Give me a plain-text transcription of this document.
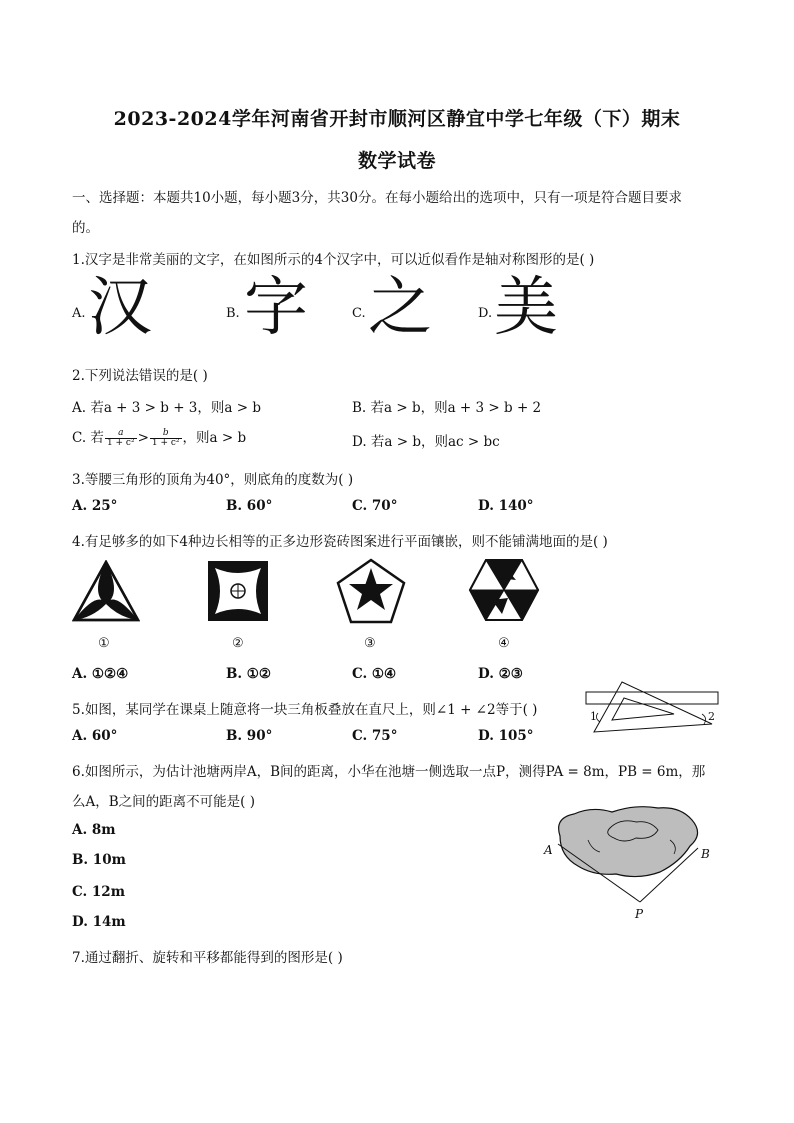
2023-2024学年河南省开封市顺河区静宜中学七年级（下）期末
数学试卷
一、选择题：本题共10小题，每小题3分，共30分。在每小题给出的选项中，只有一项是符合题目要求
的。
1.汉字是非常美丽的文字，在如图所示的4个汉字中，可以近似看作是轴对称图形的是( )
A. 汉	B. 字	C. 之	D. 美
2.下列说法错误的是( )
A. 若a + 3 > b + 3，则a > b	B. 若a > b，则a + 3 > b + 2
C. 若 $\frac{a}{\text{1 + c²}} > \frac{b}{\text{1 + c²}}$ ，则a > b	D. 若a > b，则ac > bc
3.等腰三角形的顶角为40°，则底角的度数为( )
A. 25°	B. 60°	C. 70°	D. 140°
4.有足够多的如下4种边长相等的正多边形瓷砖图案进行平面镶嵌，则不能铺满地面的是( )
①	②	③	④
A. ①②④	B. ①②	C. ①④	D. ②③
5.如图，某同学在课桌上随意将一块三角板叠放在直尺上，则∠1 + ∠2等于( )
A. 60°	B. 90°	C. 75°	D. 105°
1	2
6.如图所示，为估计池塘两岸A，B间的距离，小华在池塘一侧选取一点P，测得PA = 8m，PB = 6m，那
么A，B之间的距离不可能是( )
A. 8m
B. 10m
C. 12m
D. 14m
A	B
P
7.通过翻折、旋转和平移都能得到的图形是( )
